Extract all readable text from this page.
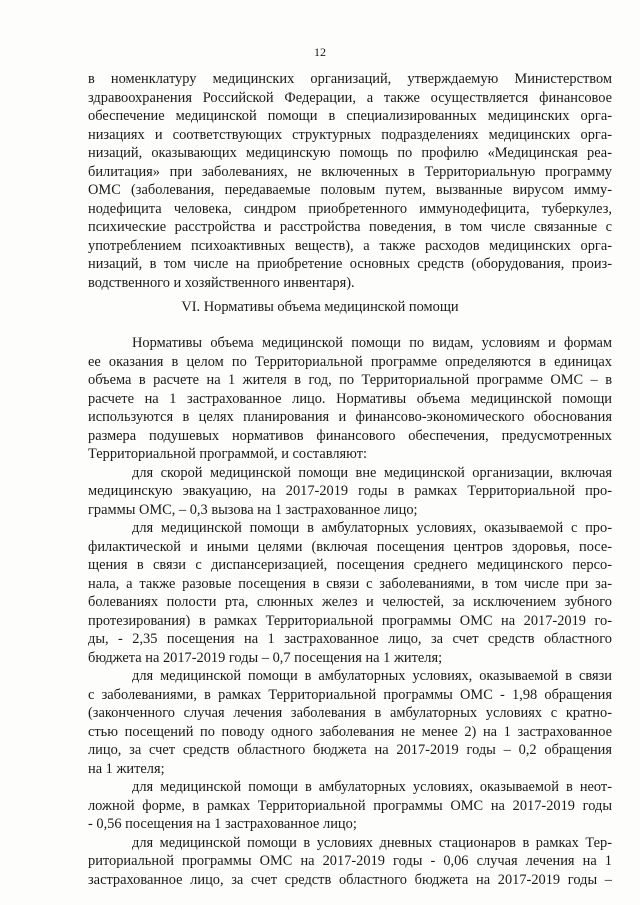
12
в номенклатуру медицинских организаций, утверждаемую Министерством
здравоохранения Российской Федерации, а также осуществляется финансовое
обеспечение медицинской помощи в специализированных медицинских орга-
низациях и соответствующих структурных подразделениях медицинских орга-
низаций, оказывающих медицинскую помощь по профилю «Медицинская реа-
билитация» при заболеваниях, не включенных в Территориальную программу
ОМС (заболевания, передаваемые половым путем, вызванные вирусом имму-
нодефицита человека, синдром приобретенного иммунодефицита, туберкулез,
психические расстройства и расстройства поведения, в том числе связанные с
употреблением психоактивных веществ), а также расходов медицинских орга-
низаций, в том числе на приобретение основных средств (оборудования, произ-
водственного и хозяйственного инвентаря).
VI. Нормативы объема медицинской помощи
Нормативы объема медицинской помощи по видам, условиям и формам
ее оказания в целом по Территориальной программе определяются в единицах
объема в расчете на 1 жителя в год, по Территориальной программе ОМС – в
расчете на 1 застрахованное лицо. Нормативы объема медицинской помощи
используются в целях планирования и финансово-экономического обоснования
размера подушевых нормативов финансового обеспечения, предусмотренных
Территориальной программой, и составляют:
для скорой медицинской помощи вне медицинской организации, включая
медицинскую эвакуацию, на 2017-2019 годы в рамках Территориальной про-
граммы ОМС, – 0,3 вызова на 1 застрахованное лицо;
для медицинской помощи в амбулаторных условиях, оказываемой с про-
филактической и иными целями (включая посещения центров здоровья, посе-
щения в связи с диспансеризацией, посещения среднего медицинского персо-
нала, а также разовые посещения в связи с заболеваниями, в том числе при за-
болеваниях полости рта, слюнных желез и челюстей, за исключением зубного
протезирования) в рамках Территориальной программы ОМС на 2017-2019 го-
ды, - 2,35 посещения на 1 застрахованное лицо, за счет средств областного
бюджета на 2017-2019 годы – 0,7 посещения на 1 жителя;
для медицинской помощи в амбулаторных условиях, оказываемой в связи
с заболеваниями, в рамках Территориальной программы ОМС - 1,98 обращения
(законченного случая лечения заболевания в амбулаторных условиях с кратно-
стью посещений по поводу одного заболевания не менее 2) на 1 застрахованное
лицо, за счет средств областного бюджета на 2017-2019 годы – 0,2 обращения
на 1 жителя;
для медицинской помощи в амбулаторных условиях, оказываемой в неот-
ложной форме, в рамках Территориальной программы ОМС на 2017-2019 годы
- 0,56 посещения на 1 застрахованное лицо;
для медицинской помощи в условиях дневных стационаров в рамках Тер-
риториальной программы ОМС на 2017-2019 годы - 0,06 случая лечения на 1
застрахованное лицо, за счет средств областного бюджета на 2017-2019 годы –
